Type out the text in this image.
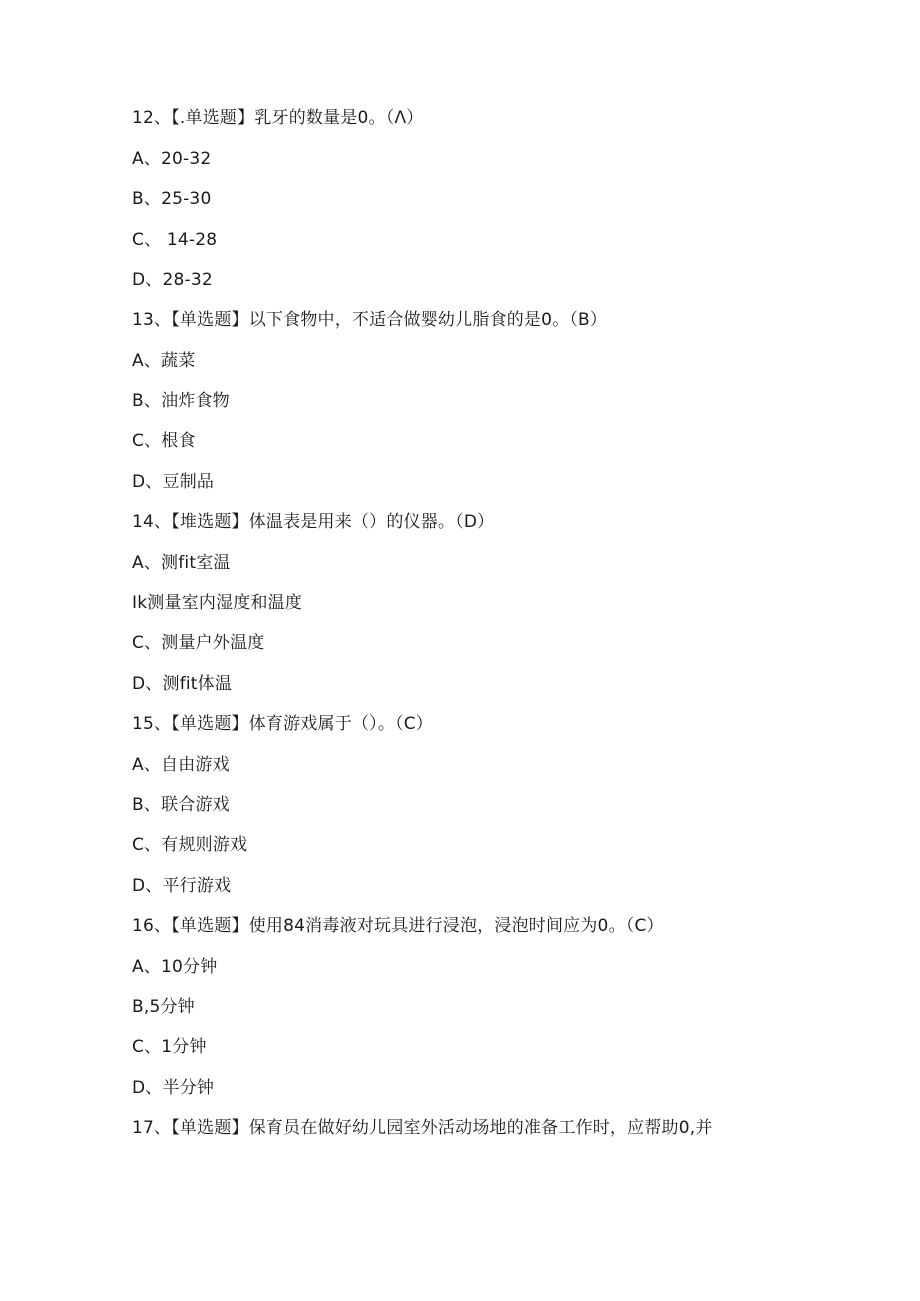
12、【.单选题】乳牙的数量是0。（Λ）
A、20-32
B、25-30
C、 14-28
D、28-32
13、【单选题】以下食物中，不适合做婴幼儿脂食的是0。（B）
A、蔬菜
B、油炸食物
C、根食
D、豆制品
14、【堆选题】体温表是用来（）的仪器。（D）
A、测fit室温
Ik测量室内湿度和温度
C、测量户外温度
D、测fit体温
15、【单选题】体育游戏属于（）。（C）
A、自由游戏
B、联合游戏
C、有规则游戏
D、平行游戏
16、【单选题】使用84消毒液对玩具进行浸泡，浸泡时间应为0。（C）
A、10分钟
B,5分钟
C、1分钟
D、半分钟
17、【单选题】保育员在做好幼儿园室外活动场地的准备工作时，应帮助0,并
